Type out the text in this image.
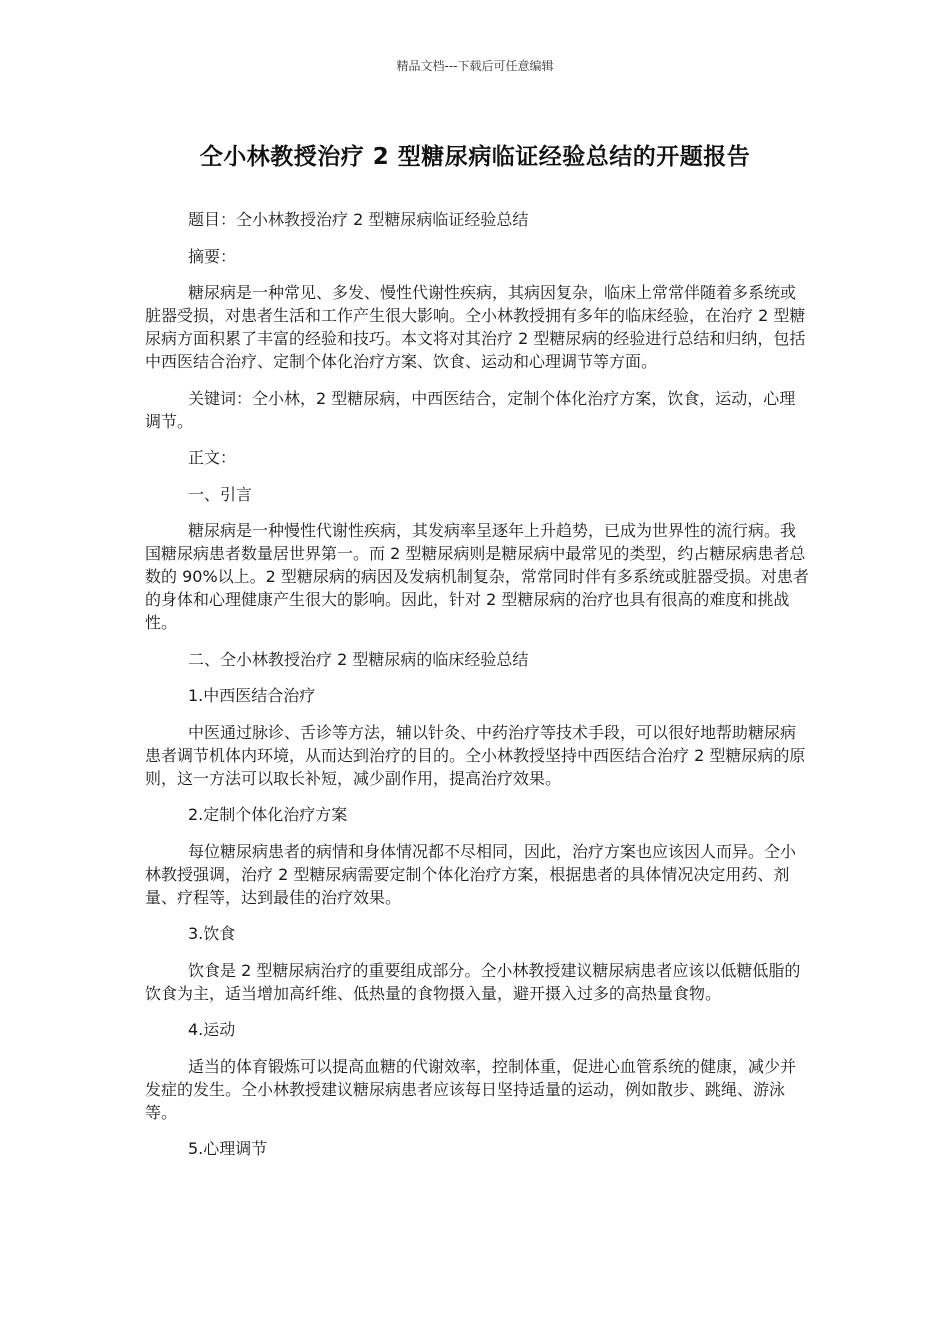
精品文档---下载后可任意编辑
仝小林教授治疗 2 型糖尿病临证经验总结的开题报告

题目：仝小林教授治疗 2 型糖尿病临证经验总结

摘要：

糖尿病是一种常见、多发、慢性代谢性疾病，其病因复杂，临床上常常伴随着多系统或脏器受损，对患者生活和工作产生很大影响。仝小林教授拥有多年的临床经验，在治疗 2 型糖尿病方面积累了丰富的经验和技巧。本文将对其治疗 2 型糖尿病的经验进行总结和归纳，包括中西医结合治疗、定制个体化治疗方案、饮食、运动和心理调节等方面。

关键词：仝小林，2 型糖尿病，中西医结合，定制个体化治疗方案，饮食，运动，心理调节。

正文：

一、引言

糖尿病是一种慢性代谢性疾病，其发病率呈逐年上升趋势，已成为世界性的流行病。我国糖尿病患者数量居世界第一。而 2 型糖尿病则是糖尿病中最常见的类型，约占糖尿病患者总数的 90%以上。2 型糖尿病的病因及发病机制复杂，常常同时伴有多系统或脏器受损。对患者的身体和心理健康产生很大的影响。因此，针对 2 型糖尿病的治疗也具有很高的难度和挑战性。

二、仝小林教授治疗 2 型糖尿病的临床经验总结

1.中西医结合治疗

中医通过脉诊、舌诊等方法，辅以针灸、中药治疗等技术手段，可以很好地帮助糖尿病患者调节机体内环境，从而达到治疗的目的。仝小林教授坚持中西医结合治疗 2 型糖尿病的原则，这一方法可以取长补短，减少副作用，提高治疗效果。

2.定制个体化治疗方案

每位糖尿病患者的病情和身体情况都不尽相同，因此，治疗方案也应该因人而异。仝小林教授强调，治疗 2 型糖尿病需要定制个体化治疗方案，根据患者的具体情况决定用药、剂量、疗程等，达到最佳的治疗效果。

3.饮食

饮食是 2 型糖尿病治疗的重要组成部分。仝小林教授建议糖尿病患者应该以低糖低脂的饮食为主，适当增加高纤维、低热量的食物摄入量，避开摄入过多的高热量食物。

4.运动

适当的体育锻炼可以提高血糖的代谢效率，控制体重，促进心血管系统的健康，减少并发症的发生。仝小林教授建议糖尿病患者应该每日坚持适量的运动，例如散步、跳绳、游泳等。

5.心理调节
